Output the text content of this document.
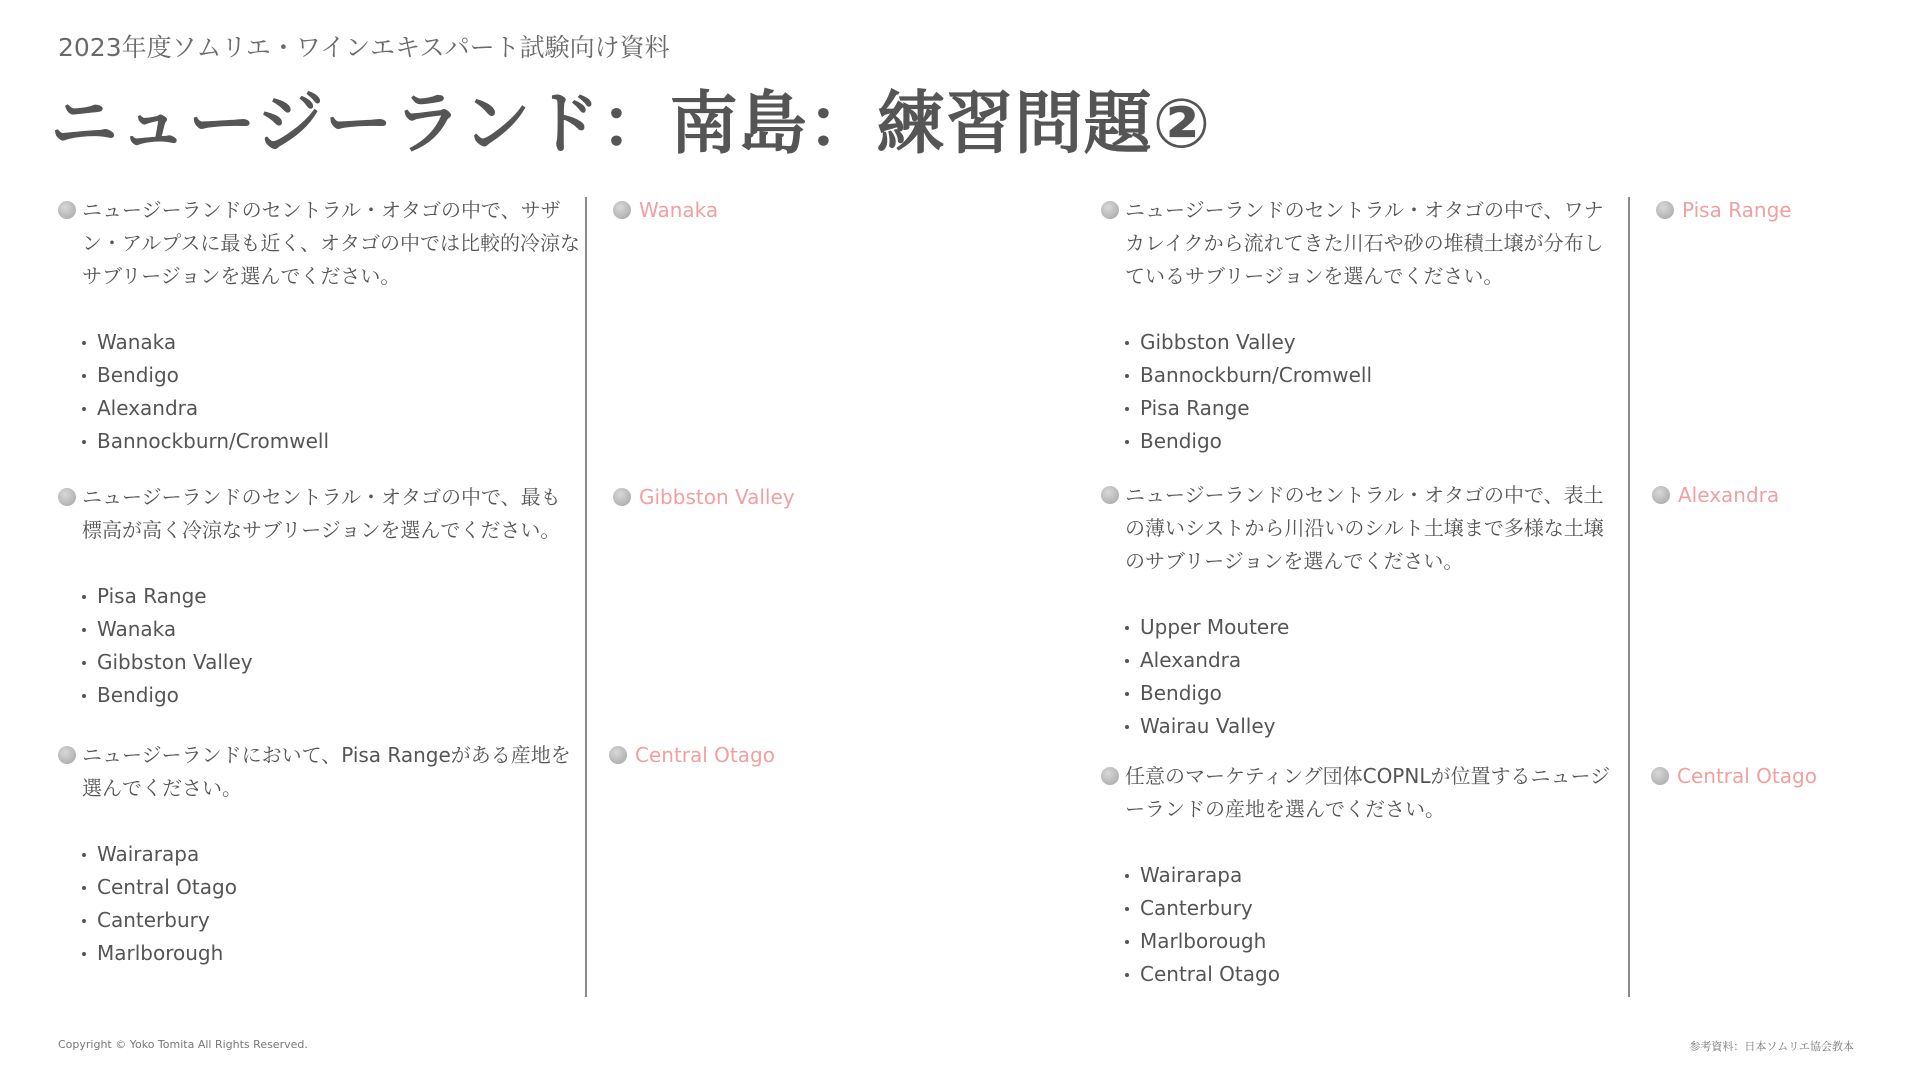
2023年度ソムリエ・ワインエキスパート試験向け資料
ニュージーランド：南島：練習問題②
ニュージーランドのセントラル・オタゴの中で、サザン・アルプスに最も近く、オタゴの中では比較的冷涼なサブリージョンを選んでください。
Wanaka
Bendigo
Alexandra
Bannockburn/Cromwell
Wanaka
ニュージーランドのセントラル・オタゴの中で、最も標高が高く冷涼なサブリージョンを選んでください。
Pisa Range
Wanaka
Gibbston Valley
Bendigo
Gibbston Valley
ニュージーランドにおいて、Pisa Rangeがある産地を選んでください。
Wairarapa
Central Otago
Canterbury
Marlborough
Central Otago
ニュージーランドのセントラル・オタゴの中で、ワナカレイクから流れてきた川石や砂の堆積土壌が分布しているサブリージョンを選んでください。
Gibbston Valley
Bannockburn/Cromwell
Pisa Range
Bendigo
Pisa Range
ニュージーランドのセントラル・オタゴの中で、表土の薄いシストから川沿いのシルト土壌まで多様な土壌のサブリージョンを選んでください。
Upper Moutere
Alexandra
Bendigo
Wairau Valley
Alexandra
任意のマーケティング団体COPNLが位置するニュージーランドの産地を選んでください。
Wairarapa
Canterbury
Marlborough
Central Otago
Central Otago
Copyright © Yoko Tomita All Rights Reserved.	参考資料：日本ソムリエ協会教本
